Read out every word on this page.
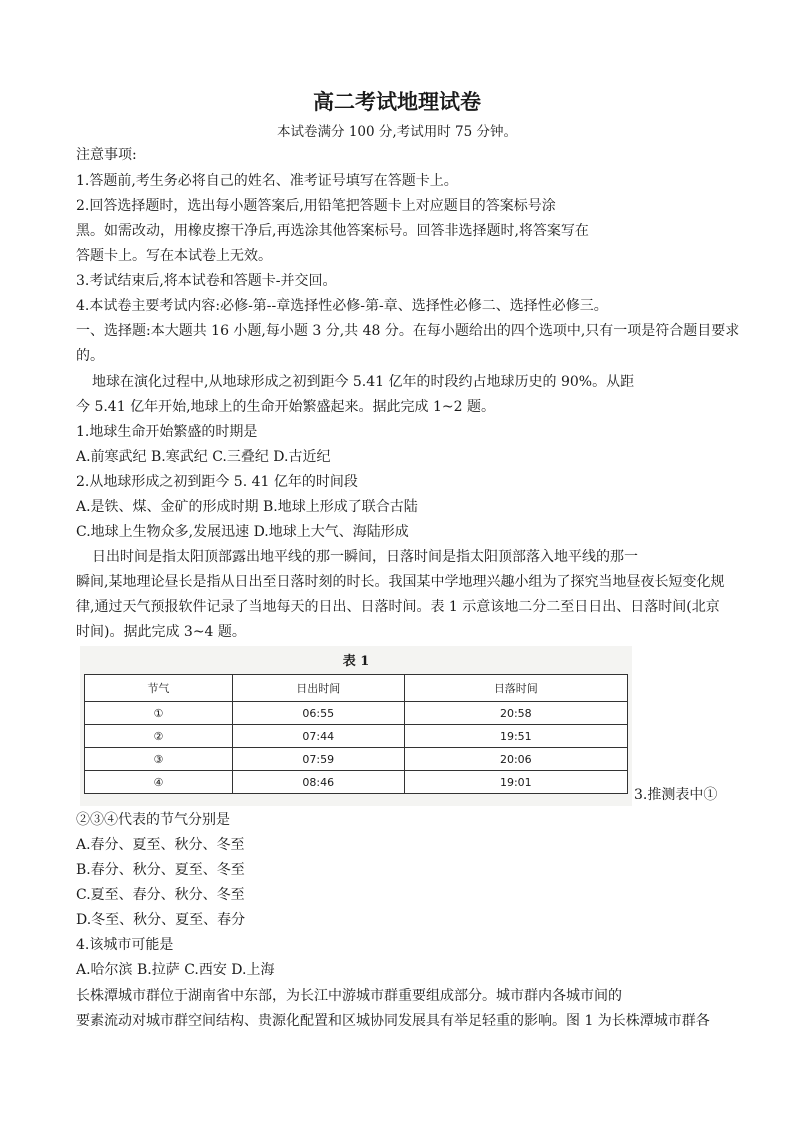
高二考试地理试卷
本试卷满分 100 分,考试用时 75 分钟。
注意事项:
1.答题前,考生务必将自己的姓名、准考证号填写在答题卡上。
2.回答选择题时，选出每小题答案后,用铅笔把答题卡上对应题目的答案标号涂
黑。如需改动，用橡皮擦干净后,再选涂其他答案标号。回答非选择题时,将答案写在
答题卡上。写在本试卷上无效。
3.考试结束后,将本试卷和答题卡-并交回。
4.本试卷主要考试内容:必修-第--章选择性必修-第-章、选择性必修二、选择性必修三。
一、选择题:本大题共 16 小题,每小题 3 分,共 48 分。在每小题给出的四个选项中,只有一项是符合题目要求
的。
地球在演化过程中,从地球形成之初到距今 5.41 亿年的时段约占地球历史的 90%。从距
今 5.41 亿年开始,地球上的生命开始繁盛起来。据此完成 1~2 题。
1.地球生命开始繁盛的时期是
A.前寒武纪 B.寒武纪 C.三叠纪 D.古近纪
2.从地球形成之初到距今 5. 41 亿年的时间段
A.是铁、煤、金矿的形成时期 B.地球上形成了联合古陆
C.地球上生物众多,发展迅速 D.地球上大气、海陆形成
日出时间是指太阳顶部露出地平线的那一瞬间，日落时间是指太阳顶部落入地平线的那一
瞬间,某地理论昼长是指从日出至日落时刻的时长。我国某中学地理兴趣小组为了探究当地昼夜长短变化规
律,通过天气预报软件记录了当地每天的日出、日落时间。表 1 示意该地二分二至日日出、日落时间(北京
时间)。据此完成 3~4 题。
表 1
节气	日出时间	日落时间
①	06:55	20:58
②	07:44	19:51
③	07:59	20:06
④	08:46	19:01
3.推测表中①
②③④代表的节气分别是
A.春分、夏至、秋分、冬至
B.春分、秋分、夏至、冬至
C.夏至、春分、秋分、冬至
D.冬至、秋分、夏至、春分
4.该城市可能是
A.哈尔滨 B.拉萨 C.西安 D.上海
长株潭城市群位于湖南省中东部，为长江中游城市群重要组成部分。城市群内各城市间的
要素流动对城市群空间结构、贵源化配置和区城协同发展具有举足轻重的影响。图 1 为长株潭城市群各
